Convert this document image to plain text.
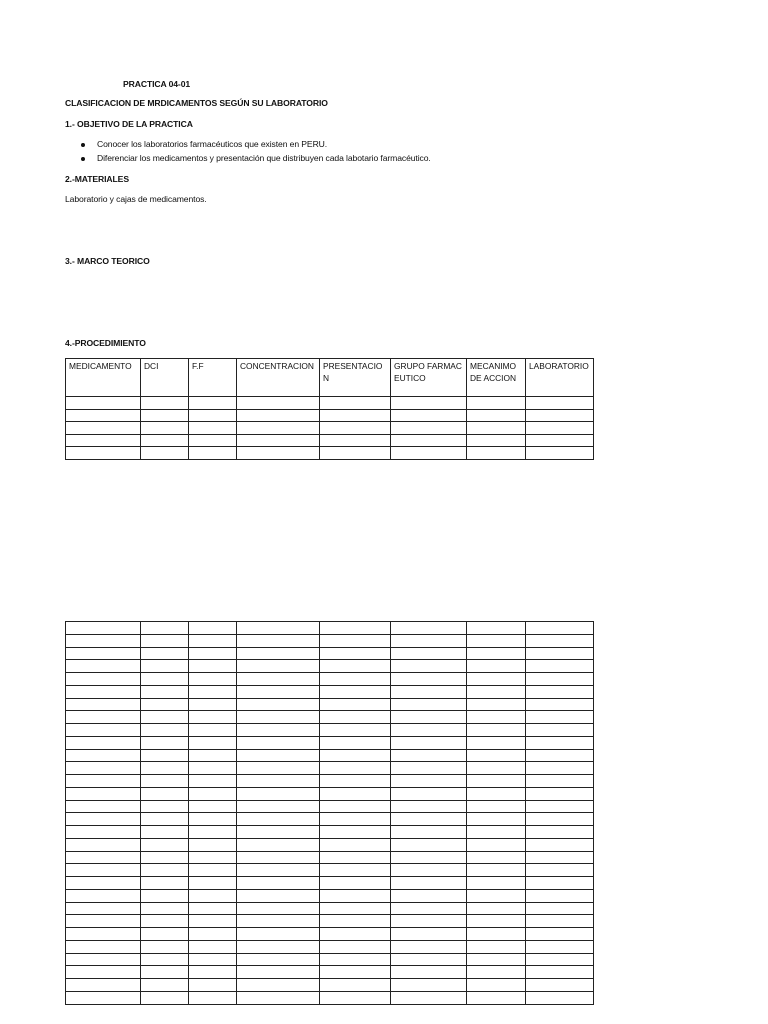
PRACTICA 04-01
CLASIFICACION DE MRDICAMENTOS SEGÚN SU LABORATORIO
1.- OBJETIVO DE LA PRACTICA
Conocer los laboratorios farmacéuticos que existen en PERU.
Diferenciar los medicamentos y presentación que distribuyen cada labotario farmacéutico.
2.-MATERIALES
Laboratorio y cajas de medicamentos.
3.- MARCO TEORICO
4.-PROCEDIMIENTO
MEDICAMENTO	DCI	F.F	CONCENTRACION	PRESENTACION	GRUPO FARMACEUTICO	MECANIMO DE ACCION	LABORATORIO
